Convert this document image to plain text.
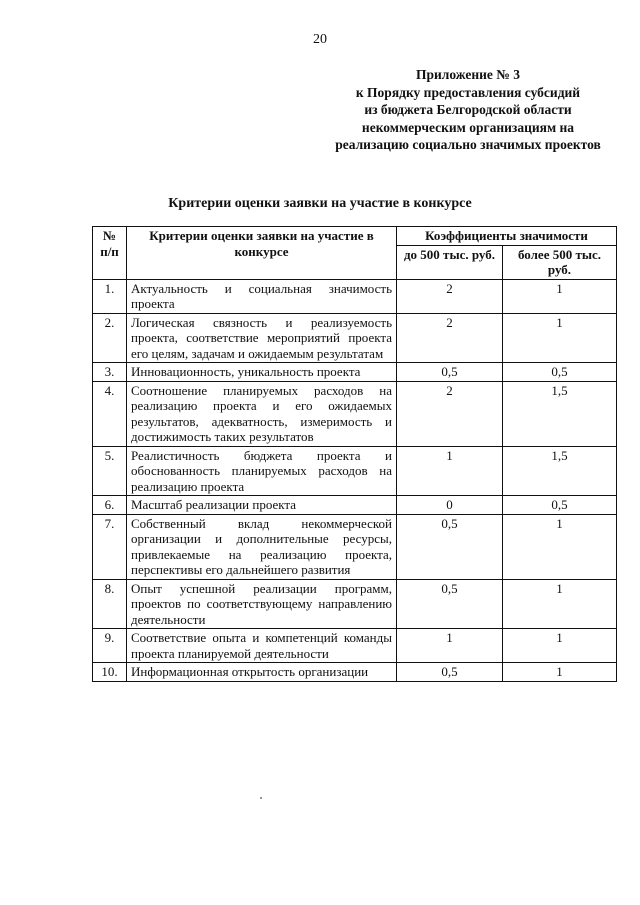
20
Приложение № 3
к Порядку предоставления субсидий
из бюджета Белгородской области
некоммерческим организациям на
реализацию социально значимых проектов
Критерии оценки заявки на участие в конкурсе
№ п/п	Критерии оценки заявки на участие в конкурсе	Коэффициенты значимости	
		до 500 тыс. руб.	более 500 тыс. руб.
1.	Актуальность и социальная значимость проекта	2	1
2.	Логическая связность и реализуемость проекта, соответствие мероприятий проекта его целям, задачам и ожидаемым результатам	2	1
3.	Инновационность, уникальность проекта	0,5	0,5
4.	Соотношение планируемых расходов на реализацию проекта и его ожидаемых результатов, адекватность, измеримость и достижимость таких результатов	2	1,5
5.	Реалистичность бюджета проекта и обоснованность планируемых расходов на реализацию проекта	1	1,5
6.	Масштаб реализации проекта	0	0,5
7.	Собственный вклад некоммерческой организации и дополнительные ресурсы, привлекаемые на реализацию проекта, перспективы его дальнейшего развития	0,5	1
8.	Опыт успешной реализации программ, проектов по соответствующему направлению деятельности	0,5	1
9.	Соответствие опыта и компетенций команды проекта планируемой деятельности	1	1
10.	Информационная открытость организации	0,5	1
